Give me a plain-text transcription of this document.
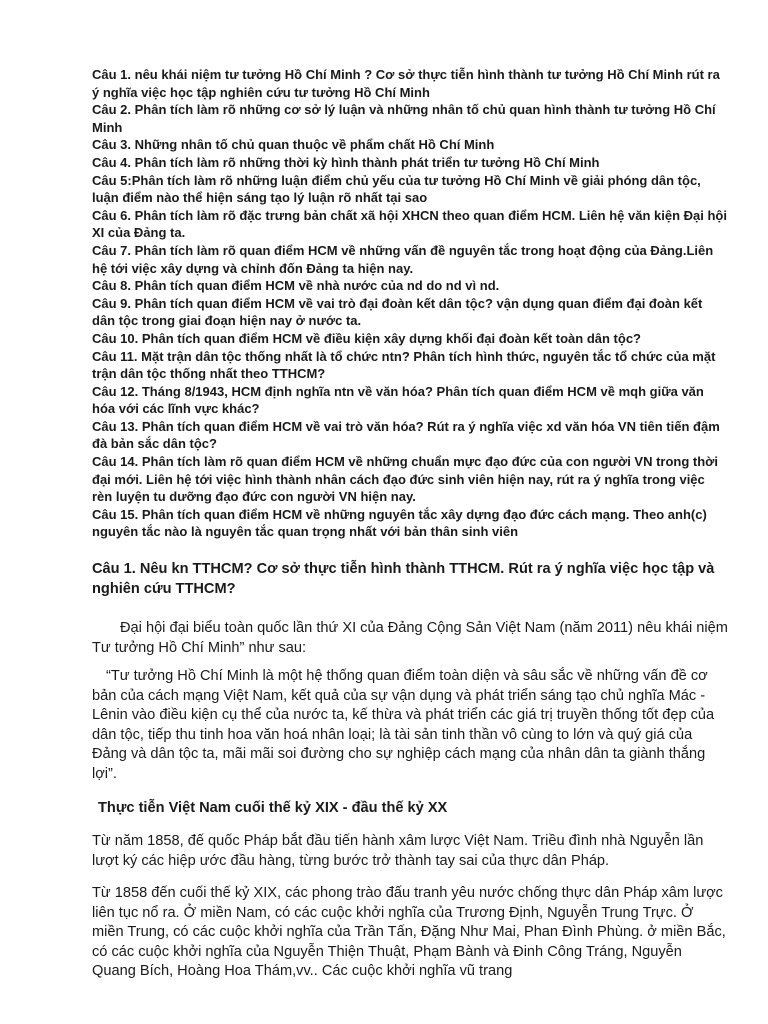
Câu 1. nêu khái niệm tư tưởng Hồ Chí Minh ? Cơ sở thực tiễn hình thành tư tưởng Hồ Chí Minh rút ra ý nghĩa việc học tập nghiên cứu tư tưởng Hồ Chí Minh
Câu 2. Phân tích làm rõ những cơ sở lý luận và những nhân tố chủ quan hình thành tư tưởng Hồ Chí Minh
Câu 3. Những nhân tố chủ quan thuộc về phẩm chất Hồ Chí Minh
Câu 4. Phân tích làm rõ những thời kỳ hình thành phát triển tư tưởng Hồ Chí Minh
Câu 5:Phân tích làm rõ những luận điểm chủ yếu của tư tưởng Hồ Chí Minh về giải phóng dân tộc, luận điểm nào thể hiện sáng tạo lý luận rõ nhất tại sao
Câu 6. Phân tích làm rõ đặc trưng bản chất xã hội XHCN theo quan điểm HCM. Liên hệ văn kiện Đại hội XI của Đảng ta.
Câu 7. Phân tích làm rõ quan điểm HCM về những vấn đề nguyên tắc trong hoạt động của Đảng.Liên hệ tới việc xây dựng và chỉnh đốn Đảng ta hiện nay.
Câu 8. Phân tích quan điểm HCM về nhà nước của nd do nd vì nd.
Câu 9. Phân tích quan điểm HCM về vai trò đại đoàn kết dân tộc? vận dụng quan điểm đại đoàn kết dân tộc trong giai đoạn hiện nay ở nước ta.
Câu 10. Phân tích quan điểm HCM về điều kiện xây dựng khối đại đoàn kết toàn dân tộc?
Câu 11. Mặt trận dân tộc thống nhất là tổ chức ntn? Phân tích hình thức, nguyên tắc tổ chức của mặt trận dân tộc thống nhất theo TTHCM?
Câu 12. Tháng 8/1943, HCM định nghĩa ntn về văn hóa? Phân tích quan điểm HCM về mqh giữa văn hóa với các lĩnh vực khác?
Câu 13. Phân tích quan điểm HCM về vai trò văn hóa? Rút ra ý nghĩa việc xd văn hóa VN tiên tiến đậm đà bản sắc dân tộc?
Câu 14. Phân tích làm rõ quan điểm HCM về những chuẩn mực đạo đức của con người VN trong thời đại mới. Liên hệ tới việc hình thành nhân cách đạo đức sinh viên hiện nay, rút ra ý nghĩa trong việc rèn luyện tu dưỡng đạo đức con người VN hiện nay.
Câu 15. Phân tích quan điểm HCM về những nguyên tắc xây dựng đạo đức cách mạng. Theo anh(c) nguyên tắc nào là nguyên tắc quan trọng nhất với bản thân sinh viên

Câu 1. Nêu kn TTHCM? Cơ sở thực tiễn hình thành TTHCM. Rút ra ý nghĩa việc học tập và nghiên cứu TTHCM?

Đại hội đại biểu toàn quốc lần thứ XI của Đảng Cộng Sản Việt Nam (năm 2011) nêu khái niệm Tư tưởng Hồ Chí Minh” như sau:

“Tư tưởng Hồ Chí Minh là một hệ thống quan điểm toàn diện và sâu sắc về những vấn đề cơ bản của cách mạng Việt Nam, kết quả của sự vận dụng và phát triển sáng tạo chủ nghĩa Mác - Lênin vào điều kiện cụ thể của nước ta, kế thừa và phát triển các giá trị truyền thống tốt đẹp của dân tộc, tiếp thu tinh hoa văn hoá nhân loại; là tài sản tinh thần vô cùng to lớn và quý giá của Đảng và dân tộc ta, mãi mãi soi đường cho sự nghiệp cách mạng của nhân dân ta giành thắng lợi”.

Thực tiễn Việt Nam cuối thế kỷ XIX - đầu thế kỷ XX

Từ năm 1858, đế quốc Pháp bắt đầu tiến hành xâm lược Việt Nam. Triều đình nhà Nguyễn lần lượt ký các hiệp ước đầu hàng, từng bước trở thành tay sai của thực dân Pháp.

Từ 1858 đến cuối thế kỷ XIX, các phong trào đấu tranh yêu nước chống thực dân Pháp xâm lược liên tục nổ ra. Ở miền Nam, có các cuộc khởi nghĩa của Trương Định, Nguyễn Trung Trực. Ở miền Trung, có các cuộc khởi nghĩa của Trần Tấn, Đặng Như Mai, Phan Đình Phùng. ở miền Bắc, có các cuộc khởi nghĩa của Nguyễn Thiện Thuật, Phạm Bành và Đinh Công Tráng, Nguyễn Quang Bích, Hoàng Hoa Thám,vv.. Các cuộc khởi nghĩa vũ trang
